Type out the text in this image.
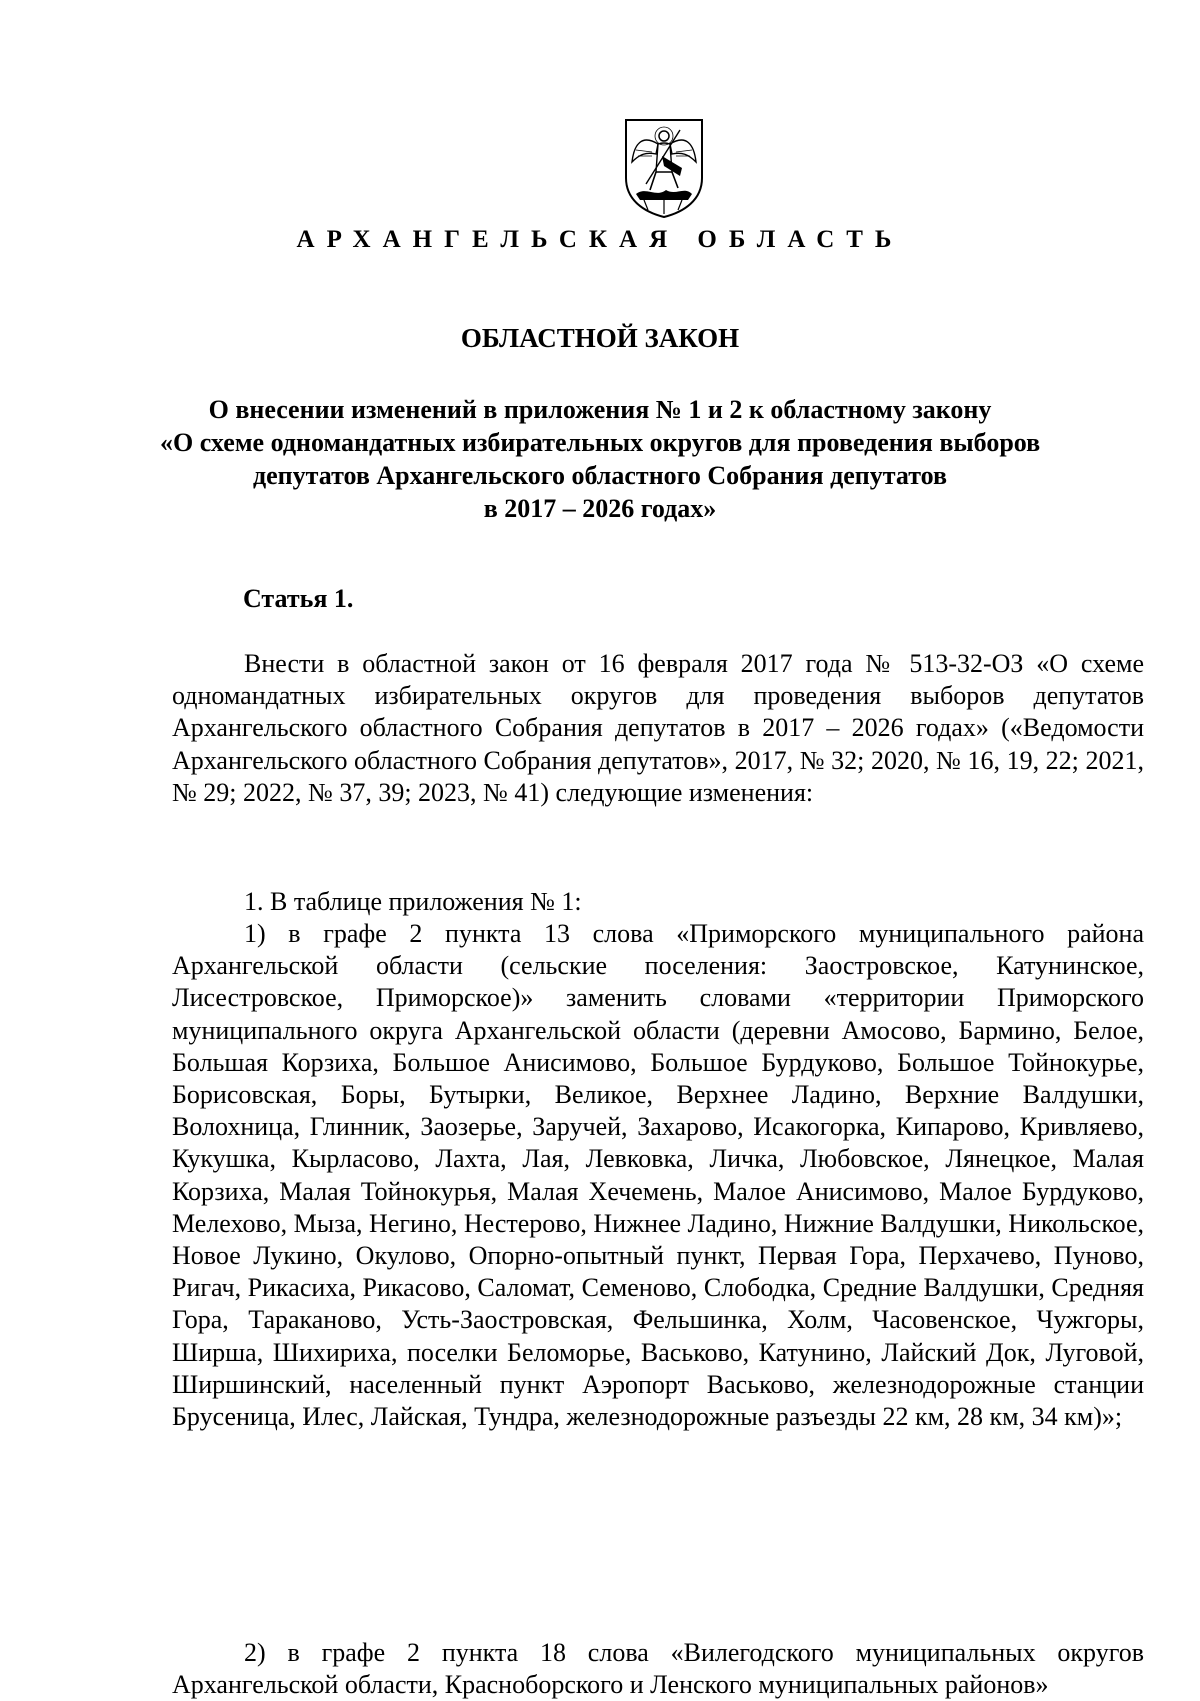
АРХАНГЕЛЬСКАЯ ОБЛАСТЬ
ОБЛАСТНОЙ ЗАКОН
О внесении изменений в приложения № 1 и 2 к областному закону
«О схеме одномандатных избирательных округов для проведения выборов
депутатов Архангельского областного Собрания депутатов
в 2017 – 2026 годах»
Статья 1.

Внести в областной закон от 16 февраля 2017 года № 513-32-ОЗ «О схеме одномандатных избирательных округов для проведения выборов депутатов Архангельского областного Собрания депутатов в 2017 – 2026 годах» («Ведомости Архангельского областного Собрания депутатов», 2017, № 32; 2020, № 16, 19, 22; 2021, № 29; 2022, № 37, 39; 2023, № 41) следующие изменения:

1. В таблице приложения № 1:

1) в графе 2 пункта 13 слова «Приморского муниципального района Архангельской области (сельские поселения: Заостровское, Катунинское, Лисестровское, Приморское)» заменить словами «территории Приморского муниципального округа Архангельской области (деревни Амосово, Бармино, Белое, Большая Корзиха, Большое Анисимово, Большое Бурдуково, Большое Тойнокурье, Борисовская, Боры, Бутырки, Великое, Верхнее Ладино, Верхние Валдушки, Волохница, Глинник, Заозерье, Заручей, Захарово, Исакогорка, Кипарово, Кривляево, Кукушка, Кырласово, Лахта, Лая, Левковка, Личка, Любовское, Лянецкое, Малая Корзиха, Малая Тойнокурья, Малая Хечемень, Малое Анисимово, Малое Бурдуково, Мелехово, Мыза, Негино, Нестерово, Нижнее Ладино, Нижние Валдушки, Никольское, Новое Лукино, Окулово, Опорно-опытный пункт, Первая Гора, Перхачево, Пуново, Ригач, Рикасиха, Рикасово, Саломат, Семеново, Слободка, Средние Валдушки, Средняя Гора, Тараканово, Усть-Заостровская, Фельшинка, Холм, Часовенское, Чужгоры, Ширша, Шихириха, поселки Беломорье, Васьково, Катунино, Лайский Док, Луговой, Ширшинский, населенный пункт Аэропорт Васьково, железнодорожные станции Брусеница, Илес, Лайская, Тундра, железнодорожные разъезды 22 км, 28 км, 34 км)»;

2) в графе 2 пункта 18 слова «Вилегодского муниципальных округов Архангельской области, Красноборского и Ленского муниципальных районов»
